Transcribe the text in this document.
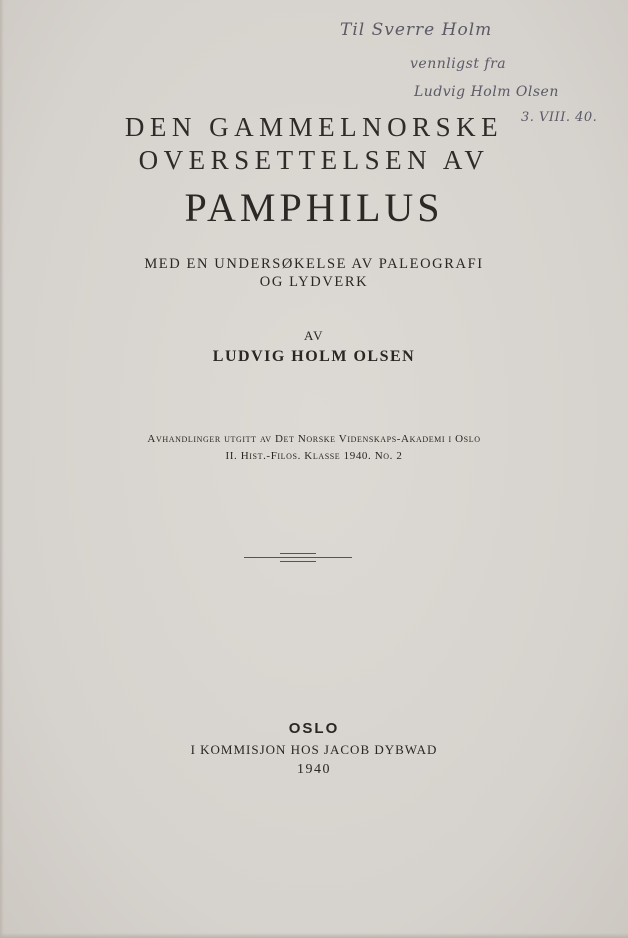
Til Sverre Holm
vennligst fra
Ludvig Holm Olsen
3. VIII. 40.
DEN GAMMELNORSKE
OVERSETTELSEN AV
PAMPHILUS
MED EN UNDERSØKELSE AV PALEOGRAFI
OG LYDVERK
AV
LUDVIG HOLM OLSEN
Avhandlinger utgitt av Det Norske Videnskaps-Akademi i Oslo
II. Hist.-Filos. Klasse 1940. No. 2
OSLO
I KOMMISJON HOS JACOB DYBWAD
1940
